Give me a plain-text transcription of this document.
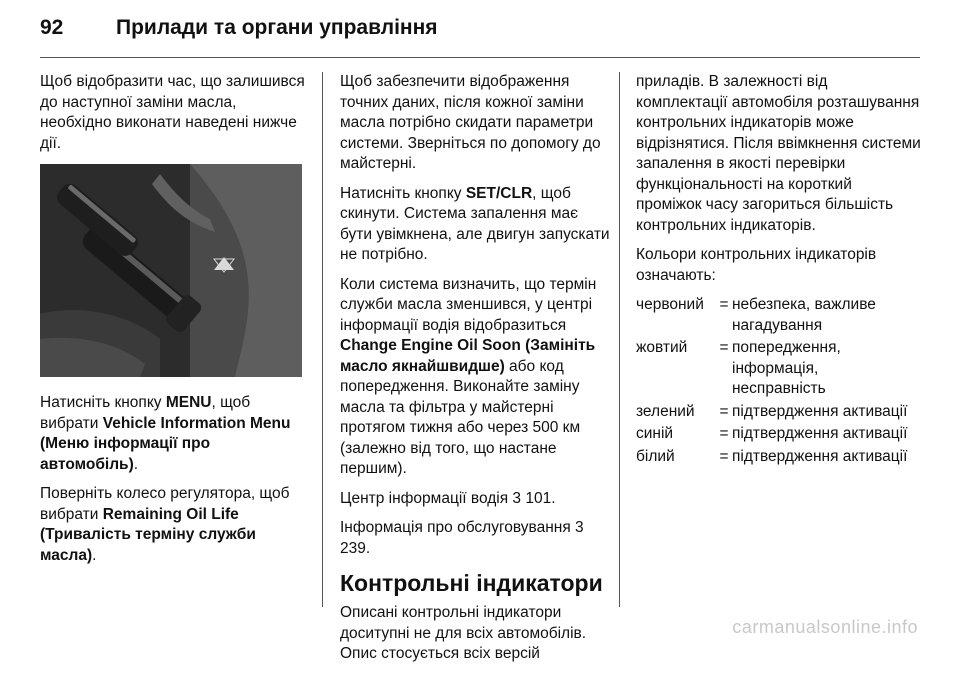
92	Прилади та органи управління

Щоб відобразити час, що залишився до наступної заміни масла, необхідно виконати наведені нижче дії.

Натисніть кнопку MENU, щоб вибрати Vehicle Information Menu (Меню інформації про автомобіль).

Поверніть колесо регулятора, щоб вибрати Remaining Oil Life (Тривалість терміну служби масла).

Щоб забезпечити відображення точних даних, після кожної заміни масла потрібно скидати параметри системи. Зверніться по допомогу до майстерні.

Натисніть кнопку SET/CLR, щоб скинути. Система запалення має бути увімкнена, але двигун запускати не потрібно.

Коли система визначить, що термін служби масла зменшився, у центрі інформації водія відобразиться Change Engine Oil Soon (Замініть масло якнайшвидше) або код попередження. Виконайте заміну масла та фільтра у майстерні протягом тижня або через 500 км (залежно від того, що настане першим).

Центр інформації водія 3 101.

Інформація про обслуговування 3 239.

Контрольні індикатори

Описані контрольні індикатори доситупні не для всіх автомобілів. Опис стосується всіх версій

приладів. В залежності від комплектації автомобіля розташування контрольних індикаторів може відрізнятися. Після ввімкнення системи запалення в якості перевірки функціональності на короткий проміжок часу загориться більшість контрольних індикаторів.

Кольори контрольних індикаторів означають:

червоний	=	небезпека, важливе нагадування
жовтий	=	попередження, інформація, несправність
зелений	=	підтвердження активації
синій	=	підтвердження активації
білий	=	підтвердження активації
carmanualsonline.info
